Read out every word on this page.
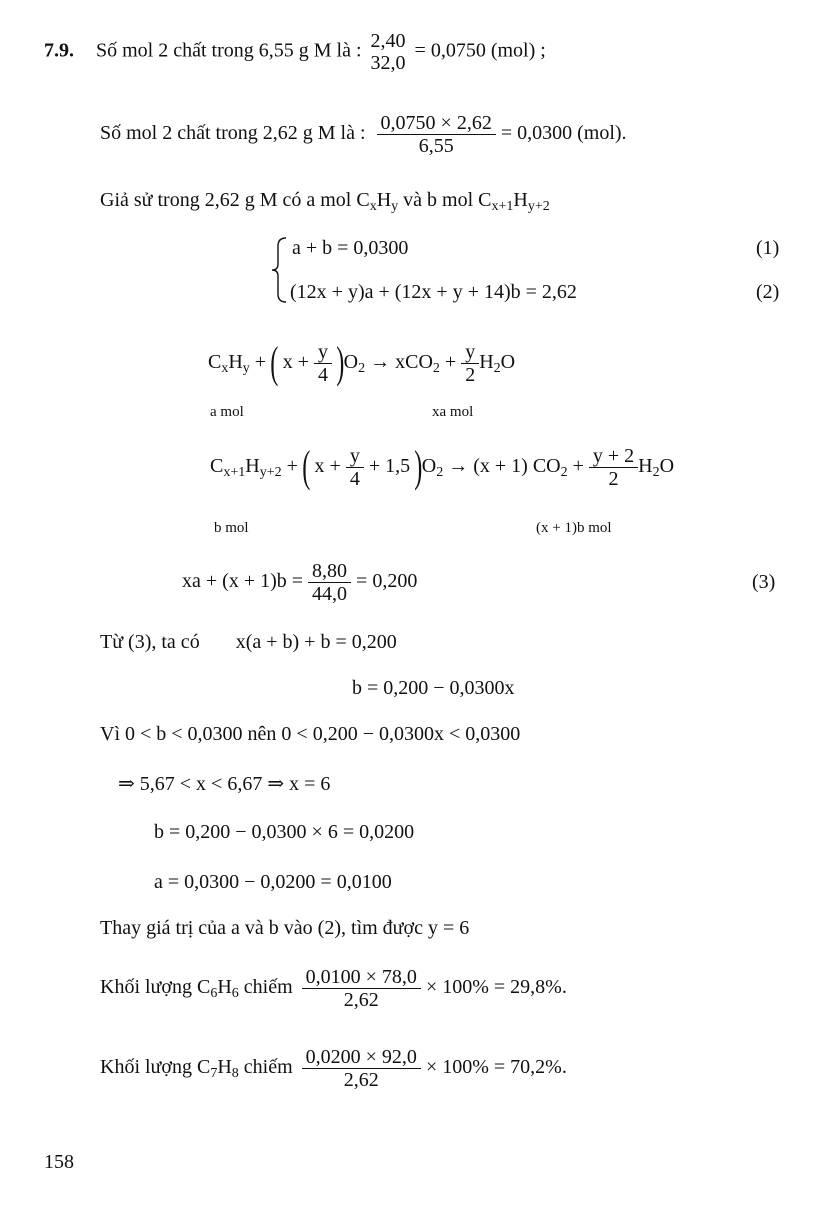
7.9. Số mol 2 chất trong 6,55 g M là : 2,40
32,0
= 0,0750 (mol) ;
Số mol 2 chất trong 2,62 g M là : $\frac{0,0750 \times 2,62}{6,55} = 0,0300$ (mol).
Giả sử trong 2,62 g M có a mol $C_xH_y$ và b mol $C_{x+1}H_{y+2}$
a + b = 0,0300	(1)
(12x + y)a + (12x + y + 14)b = 2,62	(2)
$C_xH_y$ + ( $x + \frac{y}{4} )O_2 \to xCO_2 + \frac{y}{2} H_2O$
a mol	xa mol
$C_{x+1}H_{y+2}$ + ( $x + \frac{y}{4} + 1,5$ )$O_2 \to (x + 1)$ $CO_2 + \frac{y + 2}{2} H_2O$
b mol	(x + 1)b mol
xa + $(x + 1)b = \frac{8,80}{44,0} = 0,200$	(3)
Từ (3), ta có x(a + b) + b = 0,200
b = 0,200 − 0,0300x
Vì 0 < b < 0,0300 nên 0 < 0,200 − 0,0300x < 0,0300
⇒ 5,67 < x < 6,67 ⇒ x = 6
b = 0,200 − 0,0300 × 6 = 0,0200
a = 0,0300 − 0,0200 = 0,0100
Thay giá trị của a và b vào (2), tìm được y = 6
Khối lượng $C_6H_6$ chiếm $\frac{0,0100 \times 78,0}{2,62} \times 100\% = 29,8\%$.
Khối lượng $C_7H_8$ chiếm $\frac{0,0200 \times 92,0}{2,62} \times 100\% = 70,2\%$.
158
